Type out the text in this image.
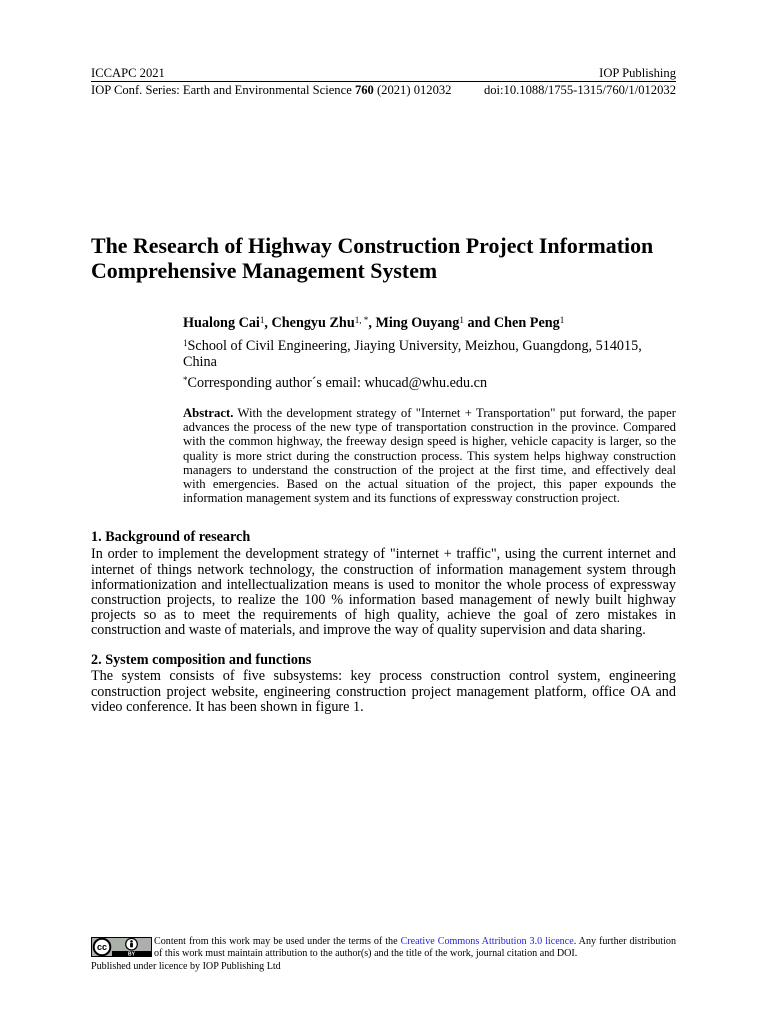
ICCAPC 2021	IOP Publishing
IOP Conf. Series: Earth and Environmental Science 760 (2021) 012032	doi:10.1088/1755-1315/760/1/012032
The Research of Highway Construction Project Information
Comprehensive Management System
Hualong Cai$^1$, Chengyu Zhu$^{1, *}$, Ming Ouyang$^1$ and Chen Peng$^1$
$^1$School of Civil Engineering, Jiaying University, Meizhou, Guangdong, 514015,
China
*Corresponding author´s email: whucad@whu.edu.cn
Abstract. With the development strategy of "Internet + Transportation" put forward, the paper
advances the process of the new type of transportation construction in the province. Compared
with the common highway, the freeway design speed is higher, vehicle capacity is larger, so the
quality is more strict during the construction process. This system helps highway construction
managers to understand the construction of the project at the first time, and effectively deal
with emergencies. Based on the actual situation of the project, this paper expounds the
information management system and its functions of expressway construction project.
1. Background of research
In order to implement the development strategy of "internet + traffic", using the current internet and
internet of things network technology, the construction of information management system through
informationization and intellectualization means is used to monitor the whole process of expressway
construction projects, to realize the 100 % information based management of newly built highway
projects so as to meet the requirements of high quality, achieve the goal of zero mistakes in
construction and waste of materials, and improve the way of quality supervision and data sharing.
2. System composition and functions
The system consists of five subsystems: key process construction control system, engineering
construction project website, engineering construction project management platform, office OA and
video conference. It has been shown in figure 1.
cc
BY
Content from this work may be used under the terms of the Creative Commons Attribution 3.0 licence. Any further distribution
of this work must maintain attribution to the author(s) and the title of the work, journal citation and DOI.
Published under licence by IOP Publishing Ltd
